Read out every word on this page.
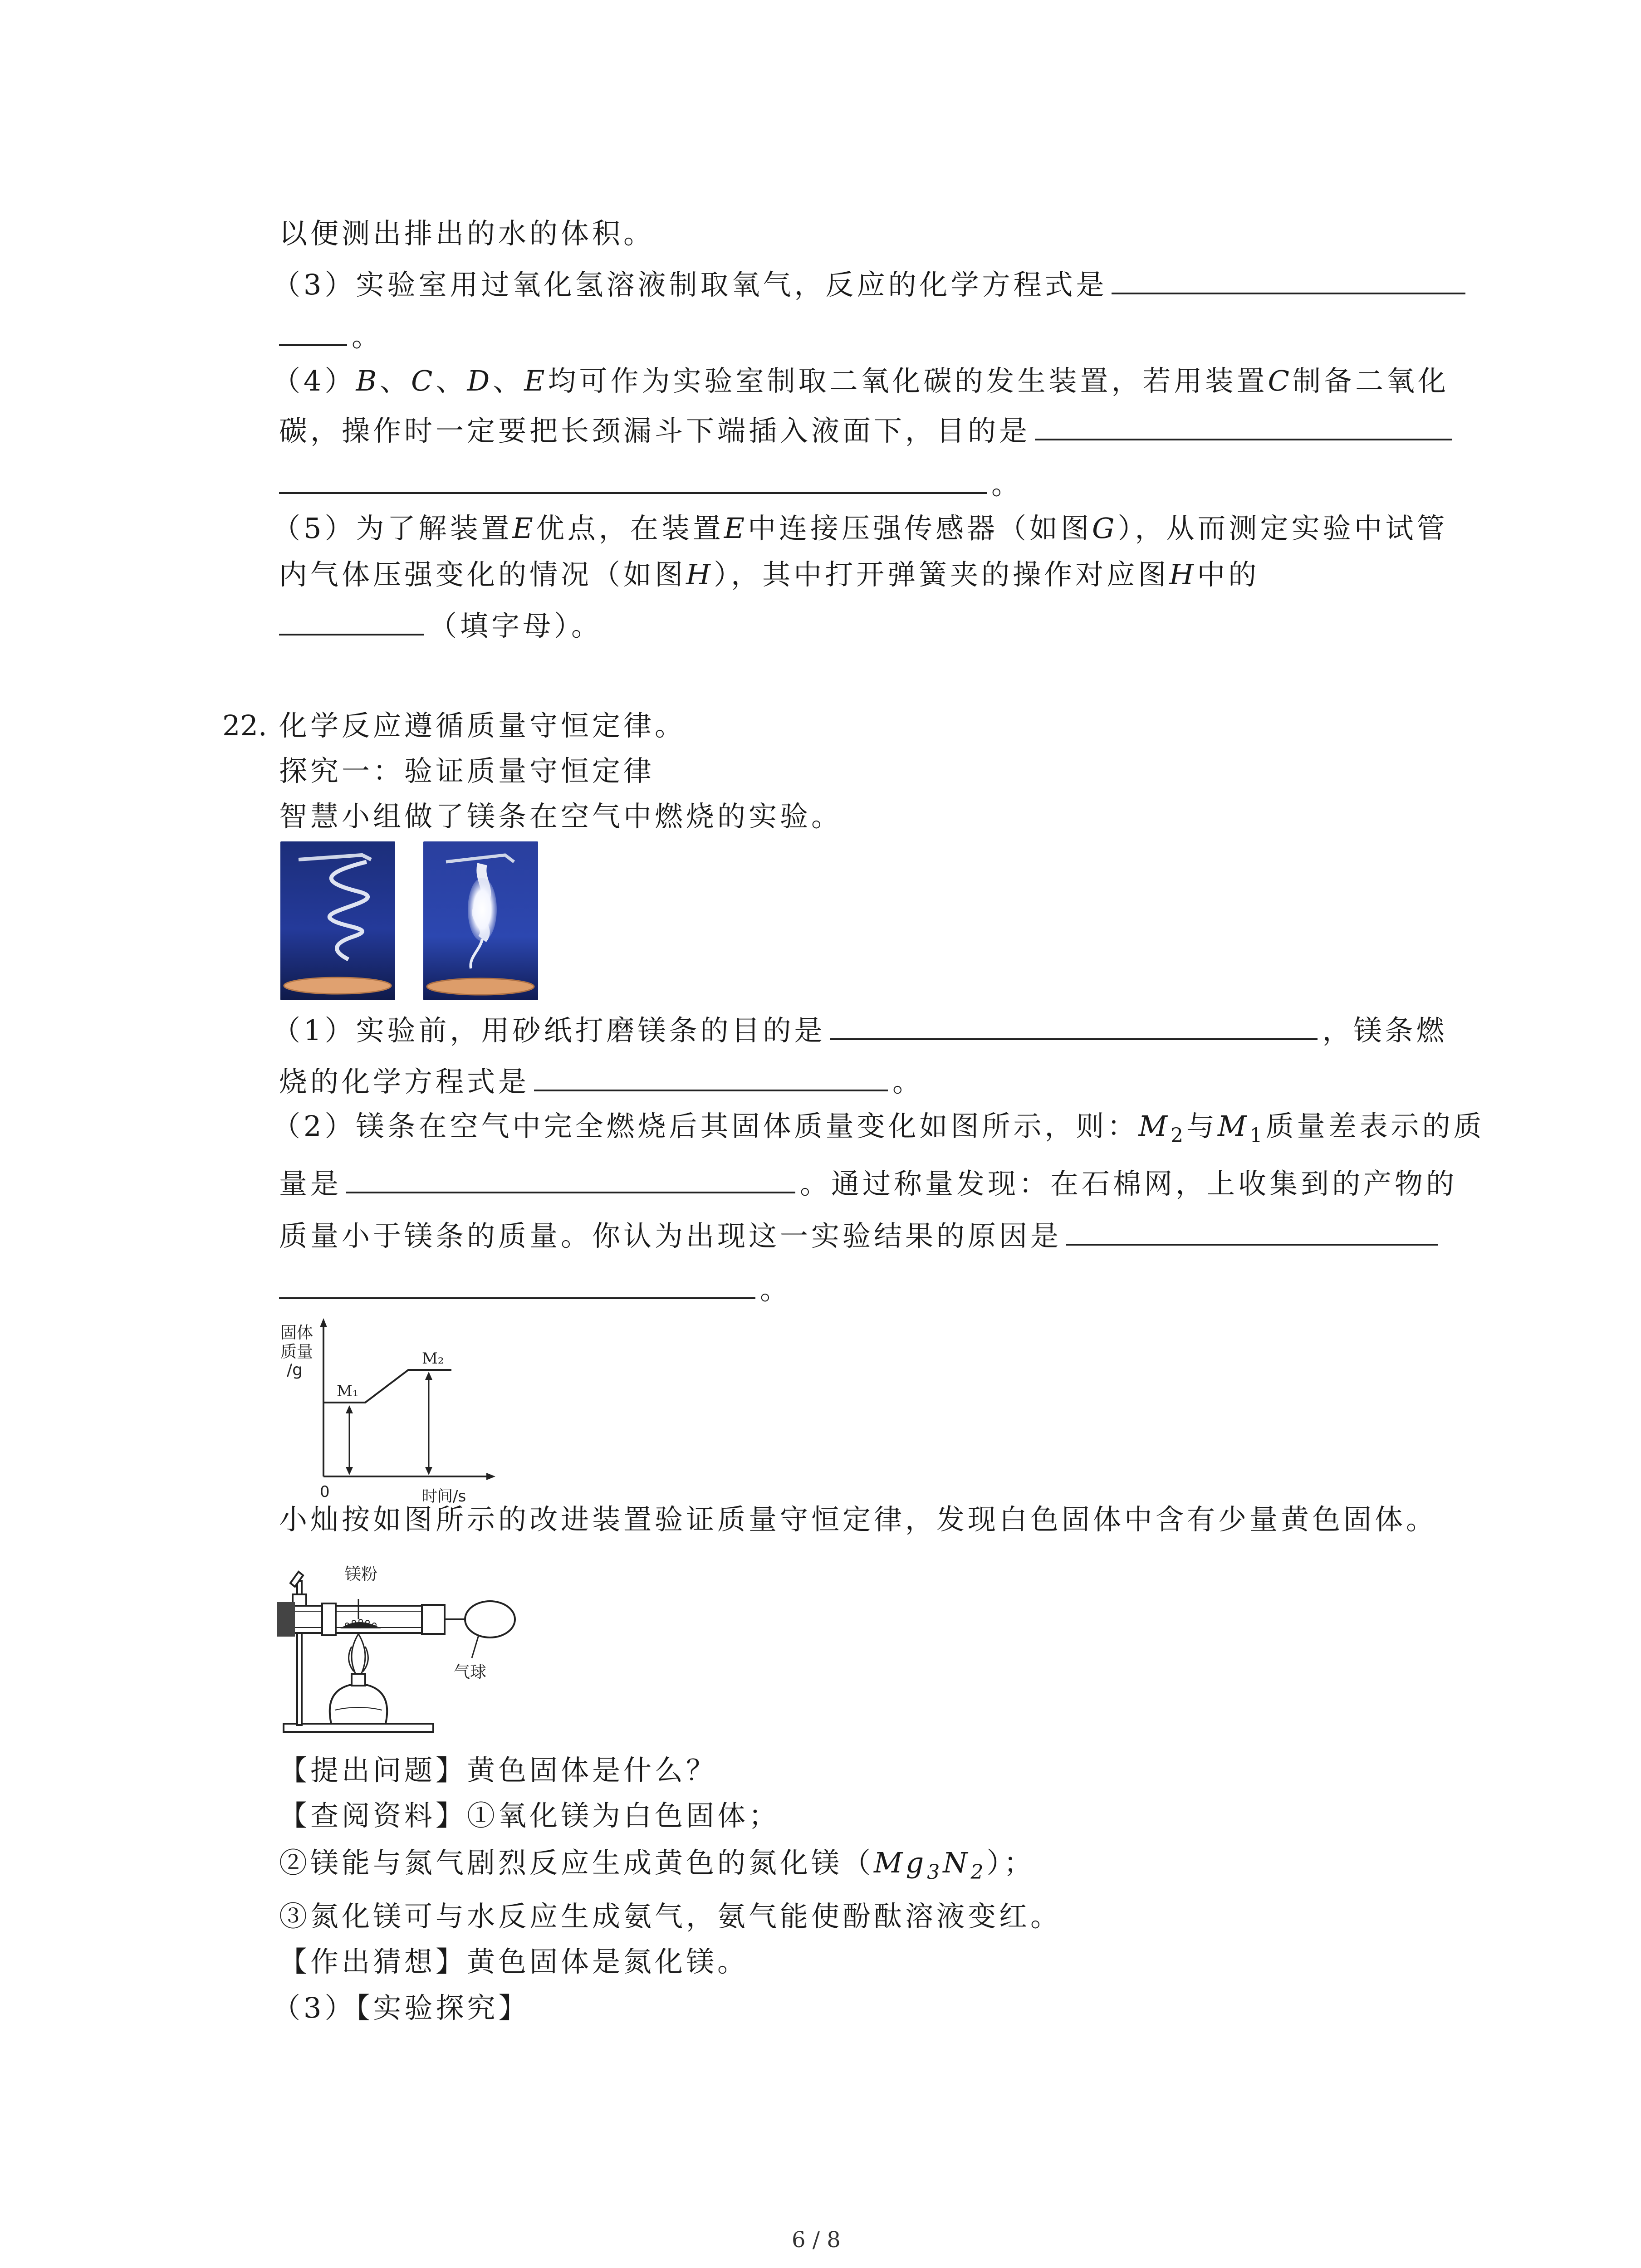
以便测出排出的水的体积。
（3）实验室用过氧化氢溶液制取氧气，反应的化学方程式是
。
（4）B、C、D、E均可作为实验室制取二氧化碳的发生装置，若用装置C制备二氧化
碳，操作时一定要把长颈漏斗下端插入液面下，目的是
。
（5）为了解装置E优点，在装置E中连接压强传感器（如图G），从而测定实验中试管
内气体压强变化的情况（如图H），其中打开弹簧夹的操作对应图H中的
（填字母）。
22. 化学反应遵循质量守恒定律。
探究一：验证质量守恒定律
智慧小组做了镁条在空气中燃烧的实验。
（1）实验前，用砂纸打磨镁条的目的是	，镁条燃
烧的化学方程式是	。
（2）镁条在空气中完全燃烧后其固体质量变化如图所示，则：$M_2$与$M_1$质量差表示的质
量是	。通过称量发现：在石棉网，上收集到的产物的
质量小于镁条的质量。你认为出现这一实验结果的原因是
。
固体
质量
/g
M₁
M₂
0	时间/s
小灿按如图所示的改进装置验证质量守恒定律，发现白色固体中含有少量黄色固体。
镁粉
气球
【提出问题】黄色固体是什么？
【查阅资料】①氧化镁为白色固体；
②镁能与氮气剧烈反应生成黄色的氮化镁$(Mg_3N_2)$；
③氮化镁可与水反应生成氨气，氨气能使酚酞溶液变红。
【作出猜想】黄色固体是氮化镁。
（3）【实验探究】
6 / 8
